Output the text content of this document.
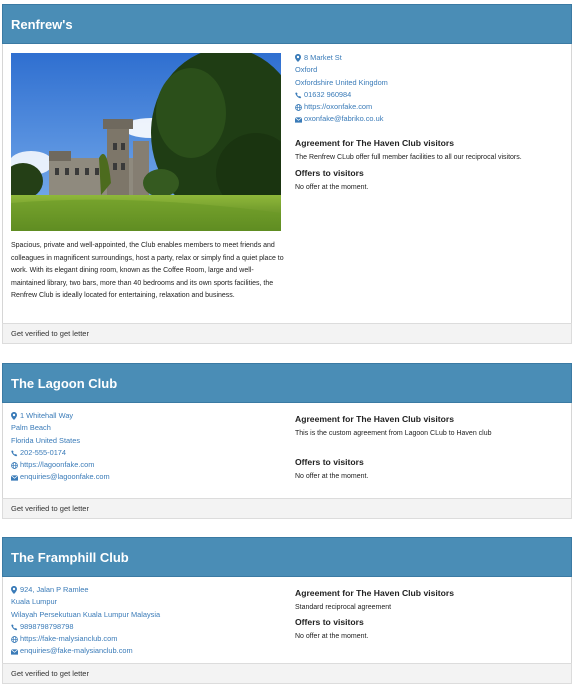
Renfrew's
Spacious, private and well-appointed, the Club enables members to meet friends and colleagues in magnificent surroundings, host a party, relax or simply find a quiet place to work. With its elegant dining room, known as the Coffee Room, large and well-maintained library, two bars, more than 40 bedrooms and its own sports facilities, the Renfrew Club is ideally located for entertaining, relaxation and business.
8 Market St
Oxford
Oxfordshire United Kingdom
01632 960984
https://oxonfake.com
oxonfake@fabriko.co.uk
Agreement for The Haven Club visitors

The Renfrew CLub offer full member facilities to all our reciprocal visitors.

Offers to visitors

No offer at the moment.

Get verified to get letter
The Lagoon Club
1 Whitehall Way
Palm Beach
Florida United States
202-555-0174
https://lagoonfake.com
enquiries@lagoonfake.com
Agreement for The Haven Club visitors

This is the custom agreement from Lagoon CLub to Haven club

Offers to visitors

No offer at the moment.

Get verified to get letter
The Framphill Club
924, Jalan P Ramlee
Kuala Lumpur
Wilayah Persekutuan Kuala Lumpur Malaysia
9898798798798
https://fake-malysianclub.com
enquiries@fake-malysianclub.com
Agreement for The Haven Club visitors

Standard reciprocal agreement

Offers to visitors

No offer at the moment.

Get verified to get letter
